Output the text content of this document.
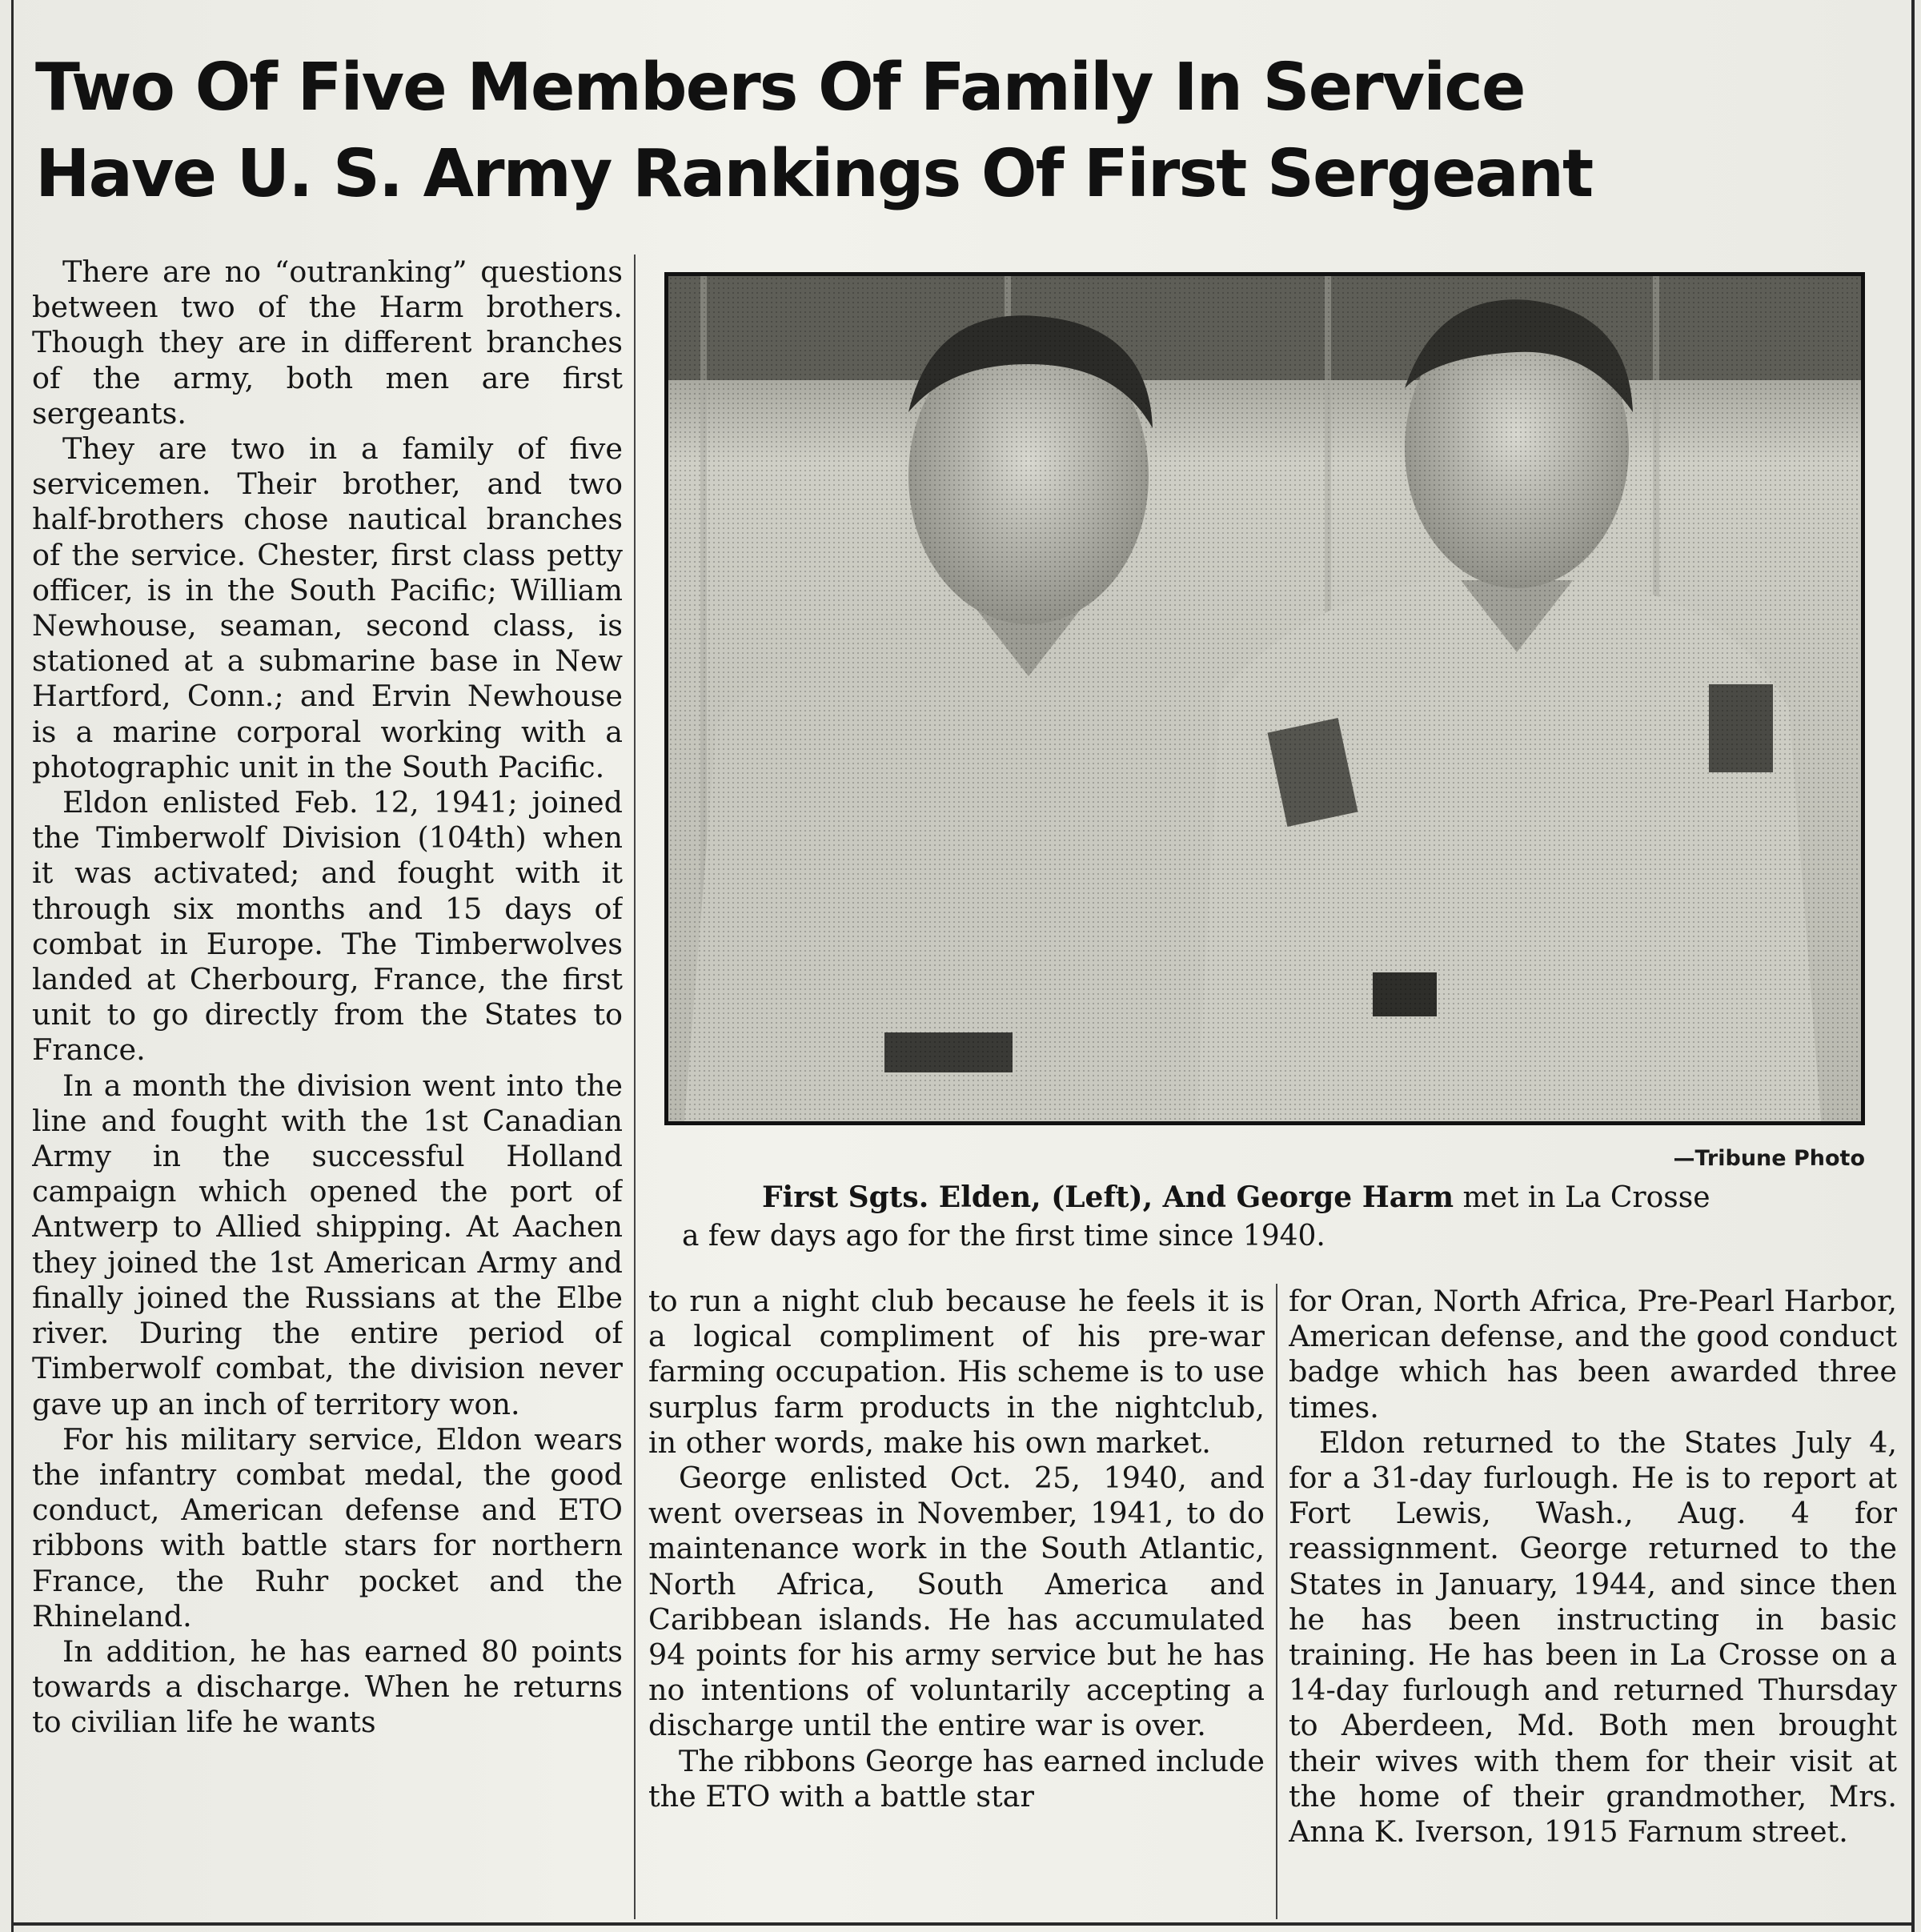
Two Of Five Members Of Family In Service
Have U. S. Army Rankings Of First Sergeant

There are no “outranking” questions between two of the Harm brothers. Though they are in different branches of the army, both men are first sergeants.

They are two in a family of five servicemen. Their brother, and two half-brothers chose nautical branches of the service. Chester, first class petty officer, is in the South Pacific; William Newhouse, seaman, second class, is stationed at a submarine base in New Hartford, Conn.; and Ervin Newhouse is a marine corporal working with a photographic unit in the South Pacific.

Eldon enlisted Feb. 12, 1941; joined the Timberwolf Division (104th) when it was activated; and fought with it through six months and 15 days of combat in Europe. The Timberwolves landed at Cherbourg, France, the first unit to go directly from the States to France.

In a month the division went into the line and fought with the 1st Canadian Army in the successful Holland campaign which opened the port of Antwerp to Allied shipping. At Aachen they joined the 1st American Army and finally joined the Russians at the Elbe river. During the entire period of Timberwolf combat, the division never gave up an inch of territory won.

For his military service, Eldon wears the infantry combat medal, the good conduct, American defense and ETO ribbons with battle stars for northern France, the Ruhr pocket and the Rhineland.

In addition, he has earned 80 points towards a discharge. When he returns to civilian life he wants

—Tribune Photo
First Sgts. Elden, (Left), And George Harm met in La Crosse
a few days ago for the first time since 1940.

to run a night club because he feels it is a logical compliment of his pre-war farming occupation. His scheme is to use surplus farm products in the nightclub, in other words, make his own market.

George enlisted Oct. 25, 1940, and went overseas in November, 1941, to do maintenance work in the South Atlantic, North Africa, South America and Caribbean islands. He has accumulated 94 points for his army service but he has no intentions of voluntarily accepting a discharge until the entire war is over.

The ribbons George has earned include the ETO with a battle star

for Oran, North Africa, Pre-Pearl Harbor, American defense, and the good conduct badge which has been awarded three times.

Eldon returned to the States July 4, for a 31-day furlough. He is to report at Fort Lewis, Wash., Aug. 4 for reassignment. George returned to the States in January, 1944, and since then he has been instructing in basic training. He has been in La Crosse on a 14-day furlough and returned Thursday to Aberdeen, Md. Both men brought their wives with them for their visit at the home of their grandmother, Mrs. Anna K. Iverson, 1915 Farnum street.
